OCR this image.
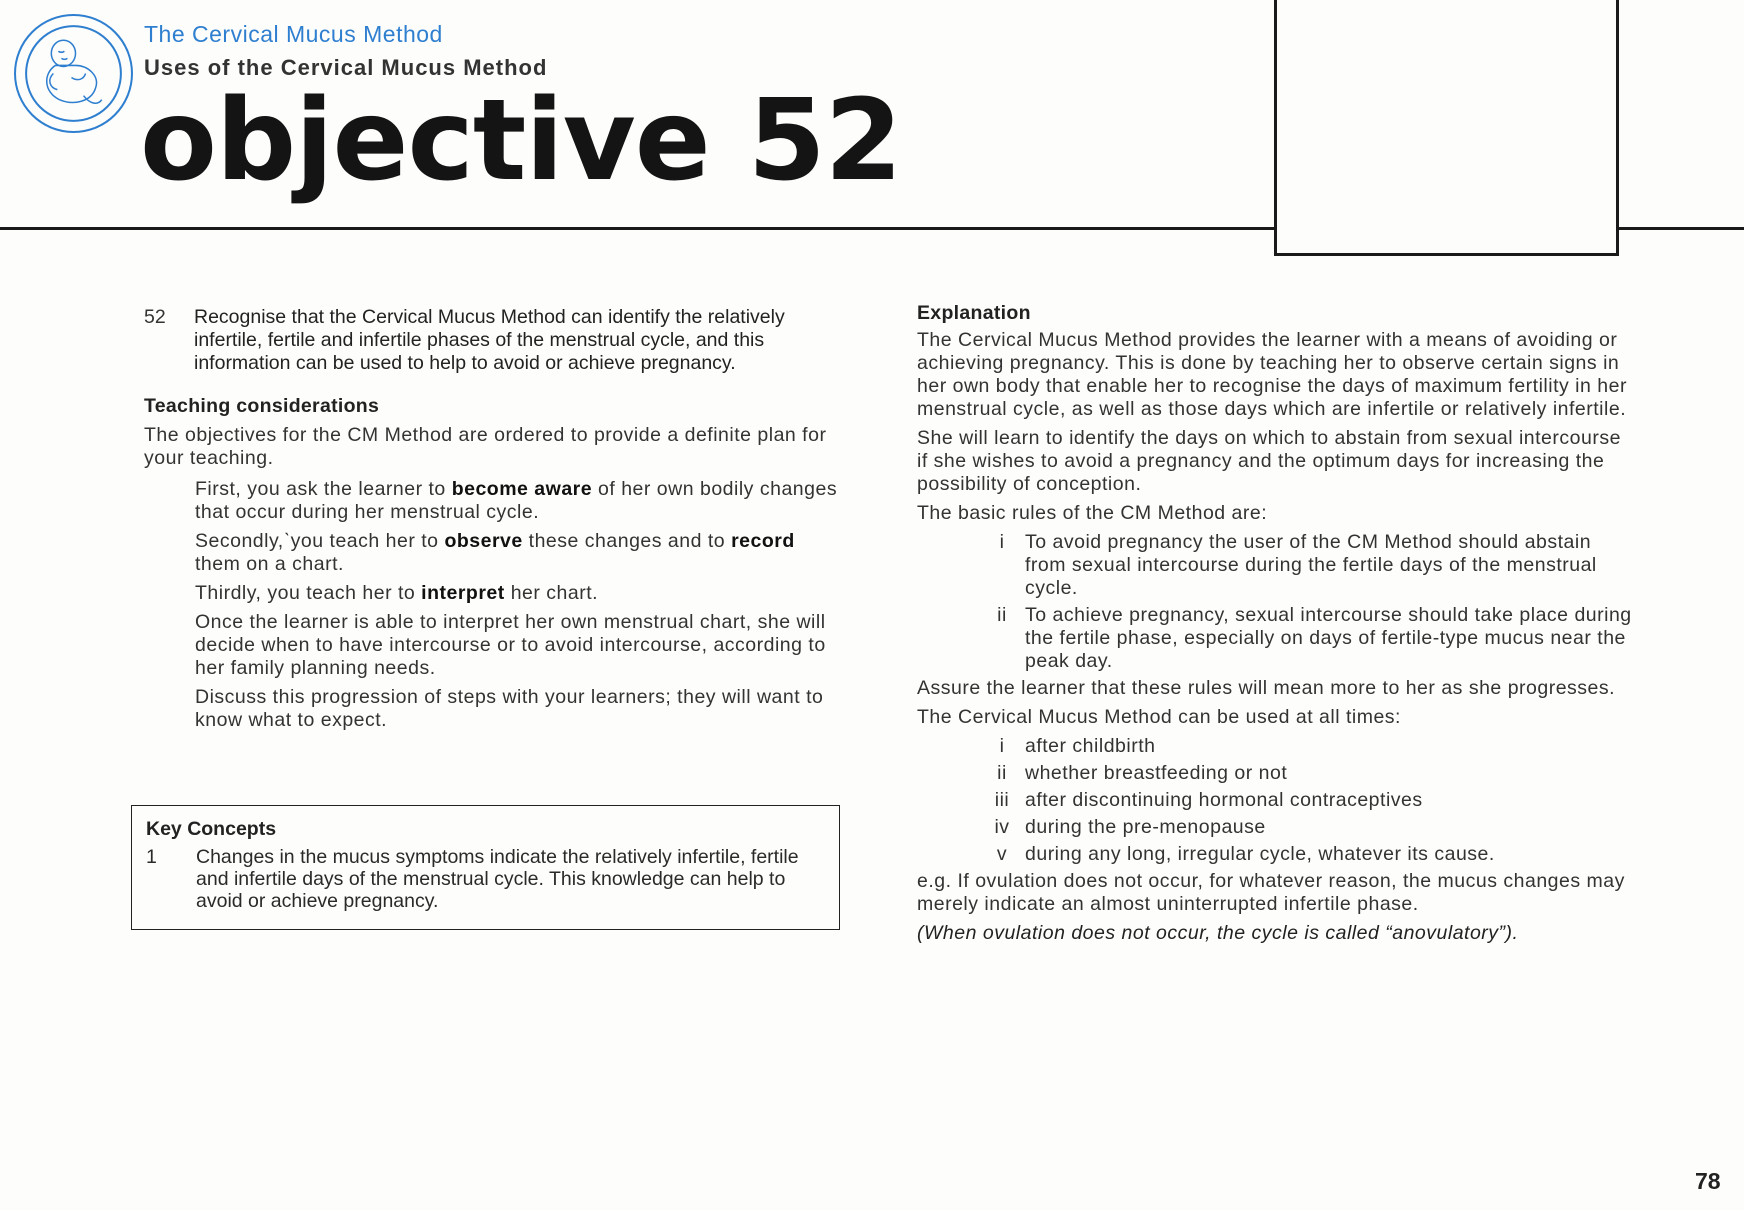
The Cervical Mucus Method
Uses of the Cervical Mucus Method
objective 52
52 Recognise that the Cervical Mucus Method can identify the relatively infertile, fertile and infertile phases of the menstrual cycle, and this information can be used to help to avoid or achieve pregnancy.
Teaching considerations

The objectives for the CM Method are ordered to provide a definite plan for your teaching.

First, you ask the learner to become aware of her own bodily changes that occur during her menstrual cycle.

Secondly,ˋyou teach her to observe these changes and to record them on a chart.

Thirdly, you teach her to interpret her chart.

Once the learner is able to interpret her own menstrual chart, she will decide when to have intercourse or to avoid intercourse, according to her family planning needs.

Discuss this progression of steps with your learners; they will want to know what to expect.

Key Concepts
1	Changes in the mucus symptoms indicate the relatively infertile, fertile and infertile days of the menstrual cycle. This knowledge can help to avoid or achieve pregnancy.
Explanation

The Cervical Mucus Method provides the learner with a means of avoiding or achieving pregnancy. This is done by teaching her to observe certain signs in her own body that enable her to recognise the days of maximum fertility in her menstrual cycle, as well as those days which are infertile or relatively infertile.

She will learn to identify the days on which to abstain from sexual intercourse if she wishes to avoid a pregnancy and the optimum days for increasing the possibility of conception.

The basic rules of the CM Method are:

i	To avoid pregnancy the user of the CM Method should abstain from sexual intercourse during the fertile days of the menstrual cycle.
ii To achieve pregnancy, sexual intercourse should take place during the fertile phase, especially on days of fertile-type mucus near the peak day.

Assure the learner that these rules will mean more to her as she progresses.

The Cervical Mucus Method can be used at all times:

i	after childbirth
ii whether breastfeeding or not
iii after discontinuing hormonal contraceptives
iv during the pre-menopause
v during any long, irregular cycle, whatever its cause.

e.g. If ovulation does not occur, for whatever reason, the mucus changes may merely indicate an almost uninterrupted infertile phase.

(When ovulation does not occur, the cycle is called “anovulatory”).

78
